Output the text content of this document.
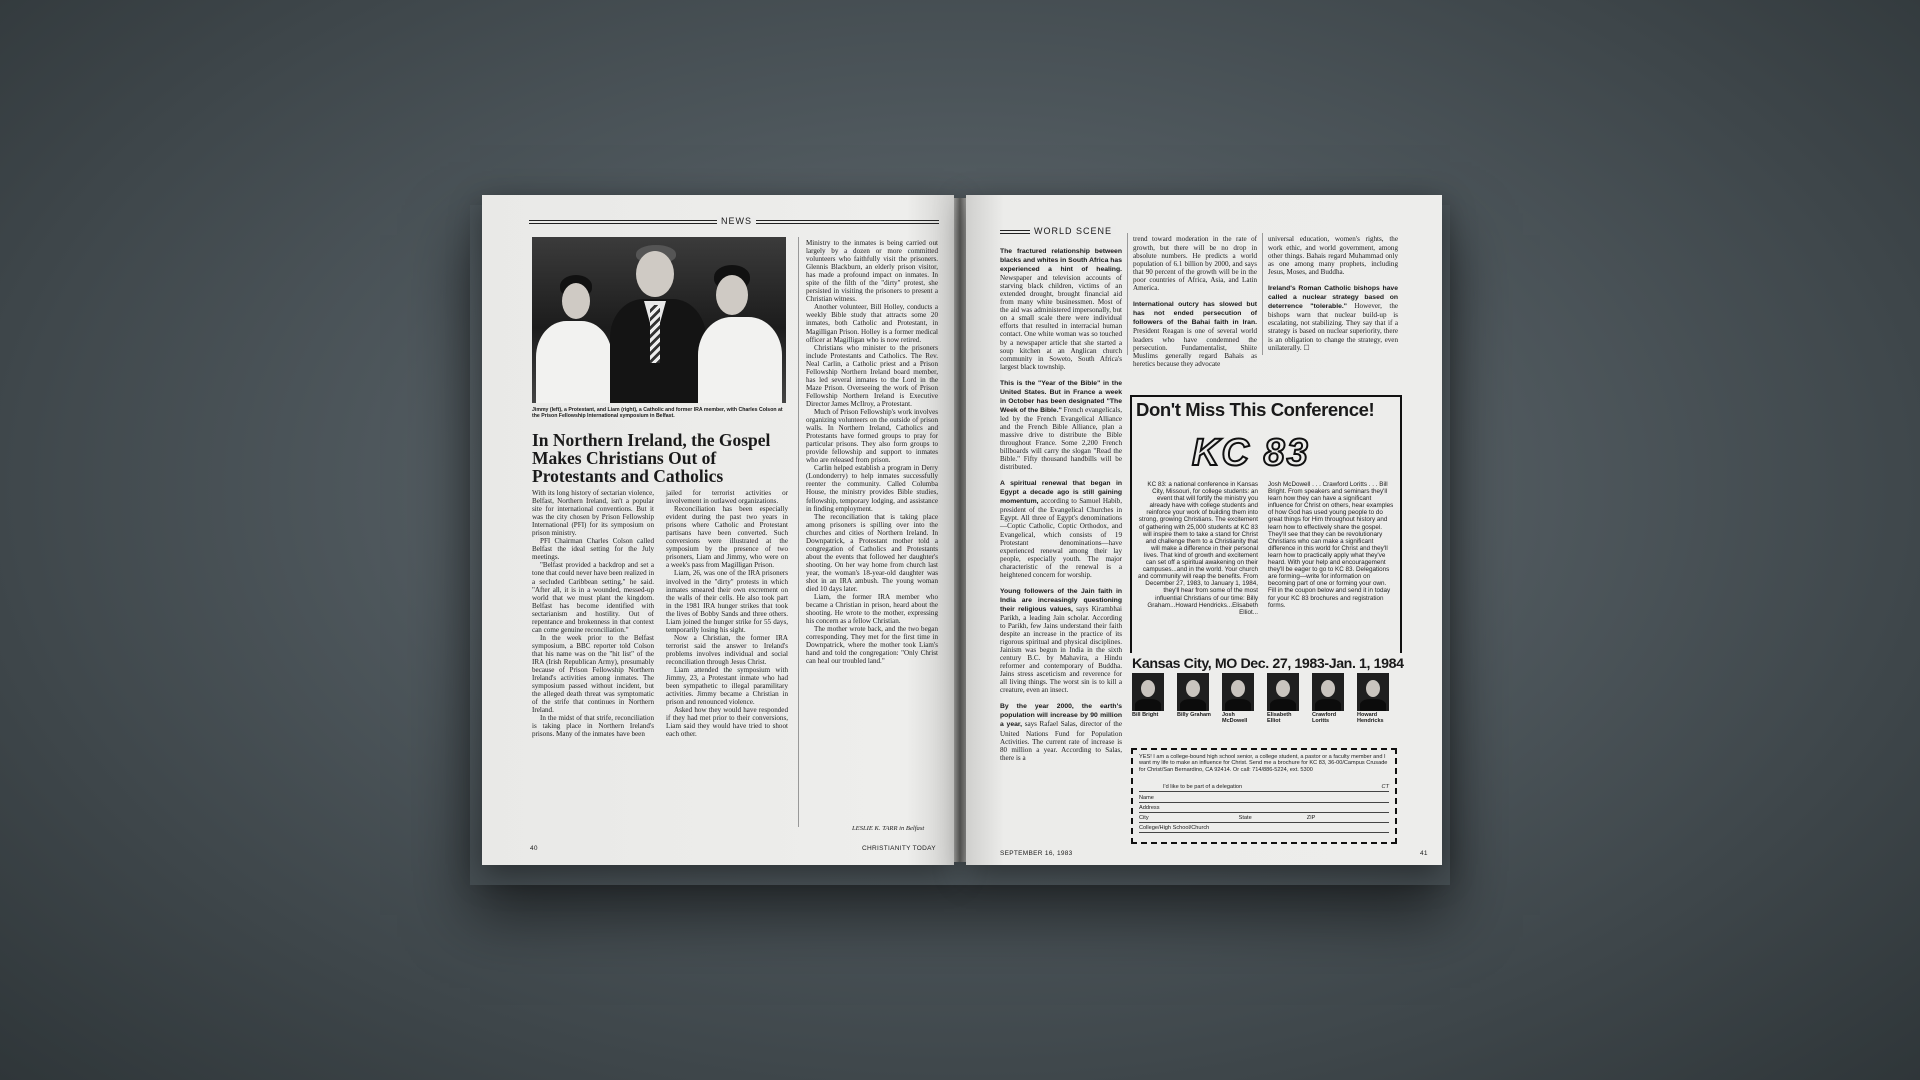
NEWS
Jimmy (left), a Protestant, and Liam (right), a Catholic and former IRA member, with Charles Colson at the Prison Fellowship International symposium in Belfast.
In Northern Ireland, the Gospel Makes Christians Out of Protestants and Catholics

With its long history of sectarian violence, Belfast, Northern Ireland, isn't a popular site for international conventions. But it was the city chosen by Prison Fellowship International (PFI) for its symposium on prison ministry.

PFI Chairman Charles Colson called Belfast the ideal setting for the July meetings.

"Belfast provided a backdrop and set a tone that could never have been realized in a secluded Caribbean setting," he said. "After all, it is in a wounded, messed-up world that we must plant the kingdom. Belfast has become identified with sectarianism and hostility. Out of repentance and brokenness in that context can come genuine reconciliation."

In the week prior to the Belfast symposium, a BBC reporter told Colson that his name was on the "hit list" of the IRA (Irish Republican Army), presumably because of Prison Fellowship Northern Ireland's activities among inmates. The symposium passed without incident, but the alleged death threat was symptomatic of the strife that continues in Northern Ireland.

In the midst of that strife, reconciliation is taking place in Northern Ireland's prisons. Many of the inmates have been

jailed for terrorist activities or involvement in outlawed organizations.

Reconciliation has been especially evident during the past two years in prisons where Catholic and Protestant partisans have been converted. Such conversions were illustrated at the symposium by the presence of two prisoners, Liam and Jimmy, who were on a week's pass from Magilligan Prison.

Liam, 26, was one of the IRA prisoners involved in the "dirty" protests in which inmates smeared their own excrement on the walls of their cells. He also took part in the 1981 IRA hunger strikes that took the lives of Bobby Sands and three others. Liam joined the hunger strike for 55 days, temporarily losing his sight.

Now a Christian, the former IRA terrorist said the answer to Ireland's problems involves individual and social reconciliation through Jesus Christ.

Liam attended the symposium with Jimmy, 23, a Protestant inmate who had been sympathetic to illegal paramilitary activities. Jimmy became a Christian in prison and renounced violence.

Asked how they would have responded if they had met prior to their conversions, Liam said they would have tried to shoot each other.

Ministry to the inmates is being carried out largely by a dozen or more committed volunteers who faithfully visit the prisoners. Glennis Blackburn, an elderly prison visitor, has made a profound impact on inmates. In spite of the filth of the "dirty" protest, she persisted in visiting the prisoners to present a Christian witness.

Another volunteer, Bill Holley, conducts a weekly Bible study that attracts some 20 inmates, both Catholic and Protestant, in Magilligan Prison. Holley is a former medical officer at Magilligan who is now retired.

Christians who minister to the prisoners include Protestants and Catholics. The Rev. Neal Carlin, a Catholic priest and a Prison Fellowship Northern Ireland board member, has led several inmates to the Lord in the Maze Prison. Overseeing the work of Prison Fellowship Northern Ireland is Executive Director James McIlroy, a Protestant.

Much of Prison Fellowship's work involves organizing volunteers on the outside of prison walls. In Northern Ireland, Catholics and Protestants have formed groups to pray for particular prisons. They also form groups to provide fellowship and support to inmates who are released from prison.

Carlin helped establish a program in Derry (Londonderry) to help inmates successfully reenter the community. Called Columba House, the ministry provides Bible studies, fellowship, temporary lodging, and assistance in finding employment.

The reconciliation that is taking place among prisoners is spilling over into the churches and cities of Northern Ireland. In Downpatrick, a Protestant mother told a congregation of Catholics and Protestants about the events that followed her daughter's shooting. On her way home from church last year, the woman's 18-year-old daughter was shot in an IRA ambush. The young woman died 10 days later.

Liam, the former IRA member who became a Christian in prison, heard about the shooting. He wrote to the mother, expressing his concern as a fellow Christian.

The mother wrote back, and the two began corresponding. They met for the first time in Downpatrick, where the mother took Liam's hand and told the congregation: "Only Christ can heal our troubled land."

LESLIE K. TARR in Belfast
40	CHRISTIANITY TODAY
WORLD SCENE

The fractured relationship between blacks and whites in South Africa has experienced a hint of healing. Newspaper and television accounts of starving black children, victims of an extended drought, brought financial aid from many white businessmen. Most of the aid was administered impersonally, but on a small scale there were individual efforts that resulted in interracial human contact. One white woman was so touched by a newspaper article that she started a soup kitchen at an Anglican church community in Soweto, South Africa's largest black township.

This is the "Year of the Bible" in the United States. But in France a week in October has been designated "The Week of the Bible." French evangelicals, led by the French Evangelical Alliance and the French Bible Alliance, plan a massive drive to distribute the Bible throughout France. Some 2,200 French billboards will carry the slogan "Read the Bible." Fifty thousand handbills will be distributed.

A spiritual renewal that began in Egypt a decade ago is still gaining momentum, according to Samuel Habib, president of the Evangelical Churches in Egypt. All three of Egypt's denominations—Coptic Catholic, Coptic Orthodox, and Evangelical, which consists of 19 Protestant denominations—have experienced renewal among their lay people, especially youth. The major characteristic of the renewal is a heightened concern for worship.

Young followers of the Jain faith in India are increasingly questioning their religious values, says Kirambhai Parikh, a leading Jain scholar. According to Parikh, few Jains understand their faith despite an increase in the practice of its rigorous spiritual and physical disciplines. Jainism was begun in India in the sixth century B.C. by Mahavira, a Hindu reformer and contemporary of Buddha. Jains stress asceticism and reverence for all living things. The worst sin is to kill a creature, even an insect.

By the year 2000, the earth's population will increase by 90 million a year, says Rafael Salas, director of the United Nations Fund for Population Activities. The current rate of increase is 80 million a year. According to Salas, there is a

trend toward moderation in the rate of growth, but there will be no drop in absolute numbers. He predicts a world population of 6.1 billion by 2000, and says that 90 percent of the growth will be in the poor countries of Africa, Asia, and Latin America.

International outcry has slowed but has not ended persecution of followers of the Bahai faith in Iran. President Reagan is one of several world leaders who have condemned the persecution. Fundamentalist, Shiite Muslims generally regard Bahais as heretics because they advocate

universal education, women's rights, the work ethic, and world government, among other things. Bahais regard Muhammad only as one among many prophets, including Jesus, Moses, and Buddha.

Ireland's Roman Catholic bishops have called a nuclear strategy based on deterrence "tolerable." However, the bishops warn that nuclear build-up is escalating, not stabilizing. They say that if a strategy is based on nuclear superiority, there is an obligation to change the strategy, even unilaterally. ☐

SEPTEMBER 16, 1983	41
Don't Miss This Conference!
KC 83
KC 83: a national conference in Kansas City, Missouri, for college students: an event that will fortify the ministry you already have with college students and reinforce your work of building them into strong, growing Christians. The excitement of gathering with 25,000 students at KC 83 will inspire them to take a stand for Christ and challenge them to a Christianity that will make a difference in their personal lives. That kind of growth and excitement can set off a spiritual awakening on their campuses...and in the world. Your church and community will reap the benefits. From December 27, 1983, to January 1, 1984, they'll hear from some of the most influential Christians of our time: Billy Graham...Howard Hendricks...Elisabeth Elliot...
Josh McDowell . . . Crawford Loritts . . . Bill Bright. From speakers and seminars they'll learn how they can have a significant influence for Christ on others, hear examples of how God has used young people to do great things for Him throughout history and learn how to effectively share the gospel. They'll see that they can be revolutionary Christians who can make a significant difference in this world for Christ and they'll learn how to practically apply what they've heard. With your help and encouragement they'll be eager to go to KC 83. Delegations are forming—write for information on becoming part of one or forming your own. Fill in the coupon below and send it in today for your KC 83 brochures and registration forms.
Kansas City, MO Dec. 27, 1983-Jan. 1, 1984
Bill Bright	Billy Graham Josh McDowell
Elisabeth Elliot
Crawford Loritts
Howard Hendricks
YES! I am a college-bound high school senior, a college student, a pastor or a faculty member and I want my life to make an influence for Christ. Send me a brochure for KC 83, 36-00/Campus Crusade for Christ/San Bernardino, CA 92414. Or call: 714/886-5224, ext. 5300
I'd like to be part of a delegation	CT
Name
Address
City	State	ZIP
College/High School/Church
